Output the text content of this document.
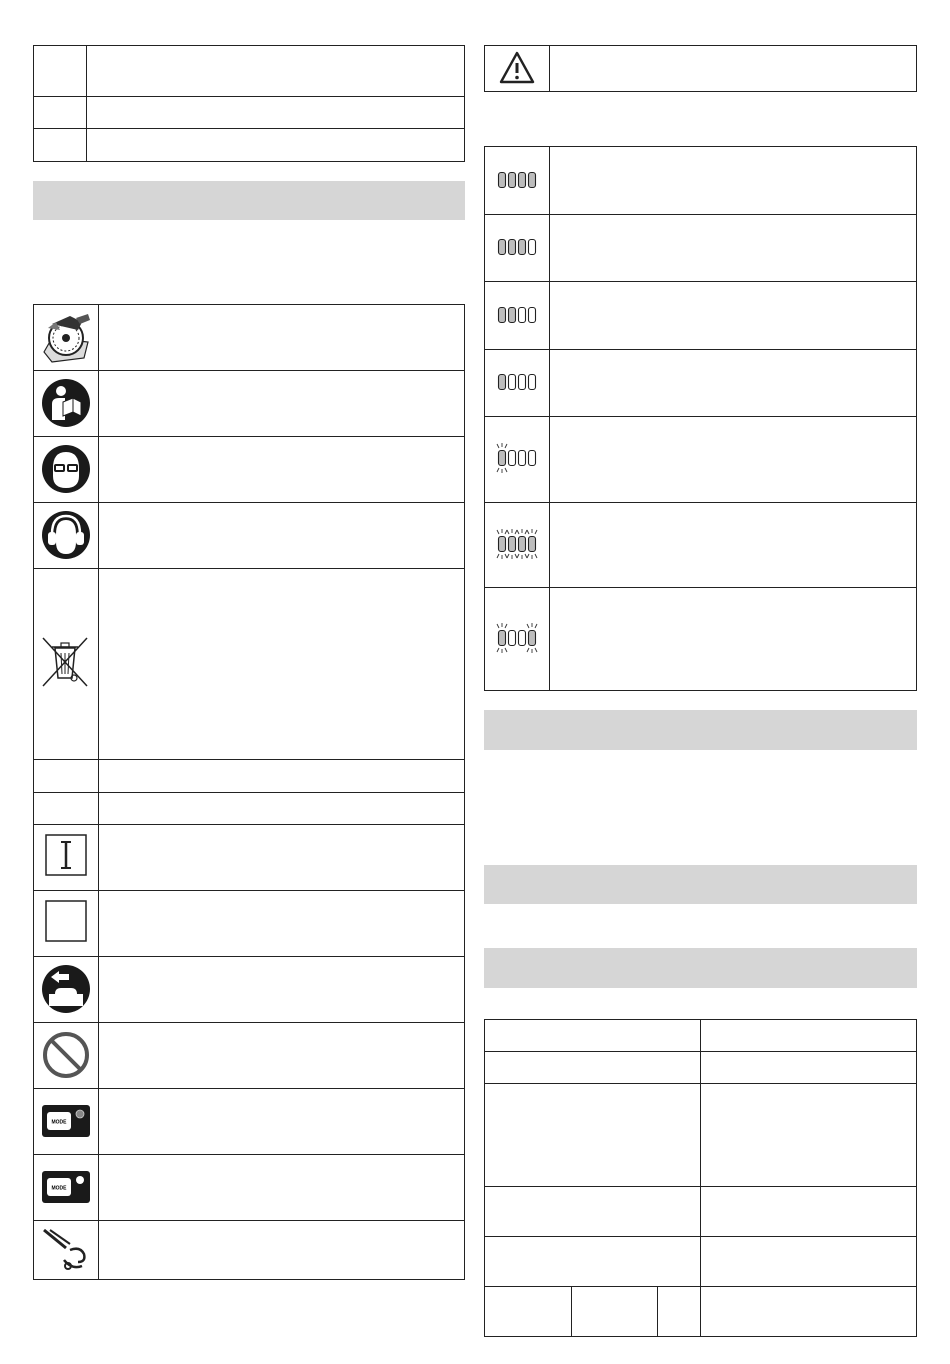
MODE
MODE
